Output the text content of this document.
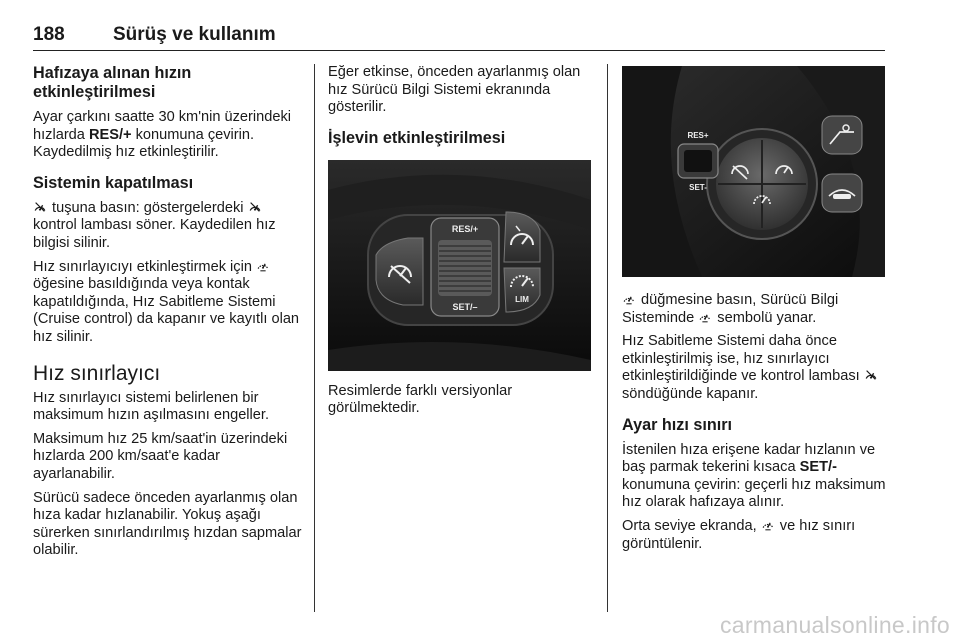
188	Sürüş ve kullanım
Hafızaya alınan hızın etkinleştirilmesi

Ayar çarkını saatte 30 km'nin üzerindeki hızlarda RES/+ konumuna çevirin. Kaydedilmiş hız etkinleştirilir.

Sistemin kapatılması

tuşuna basın: göstergelerdeki  kontrol lambası söner. Kaydedilen hız bilgisi silinir.

Hız sınırlayıcıyı etkinleştirmek için  öğesine basıldığında veya kontak kapatıldığında, Hız Sabitleme Sistemi (Cruise control) da kapanır ve kayıtlı olan hız silinir.

Hız sınırlayıcı

Hız sınırlayıcı sistemi belirlenen bir maksimum hızın aşılmasını engeller.

Maksimum hız 25 km/saat'in üzerindeki hızlarda 200 km/saat'e kadar ayarlanabilir.

Sürücü sadece önceden ayarlanmış olan hıza kadar hızlanabilir. Yokuş aşağı sürerken sınırlandırılmış hızdan sapmalar olabilir.

Eğer etkinse, önceden ayarlanmış olan hız Sürücü Bilgi Sistemi ekranında gösterilir.

İşlevin etkinleştirilmesi
RES/+
SET/–
LIM

Resimlerde farklı versiyonlar görülmektedir.

RES+
SET-

düğmesine basın, Sürücü Bilgi Sisteminde  sembolü yanar.

Hız Sabitleme Sistemi daha önce etkinleştirilmiş ise, hız sınırlayıcı etkinleştirildiğinde ve kontrol lambası  söndüğünde kapanır.

Ayar hızı sınırı

İstenilen hıza erişene kadar hızlanın ve baş parmak tekerini kısaca SET/- konumuna çevirin: geçerli hız maksimum hız olarak hafızaya alınır.

Orta seviye ekranda,  ve hız sınırı görüntülenir.

carmanualsonline.info
